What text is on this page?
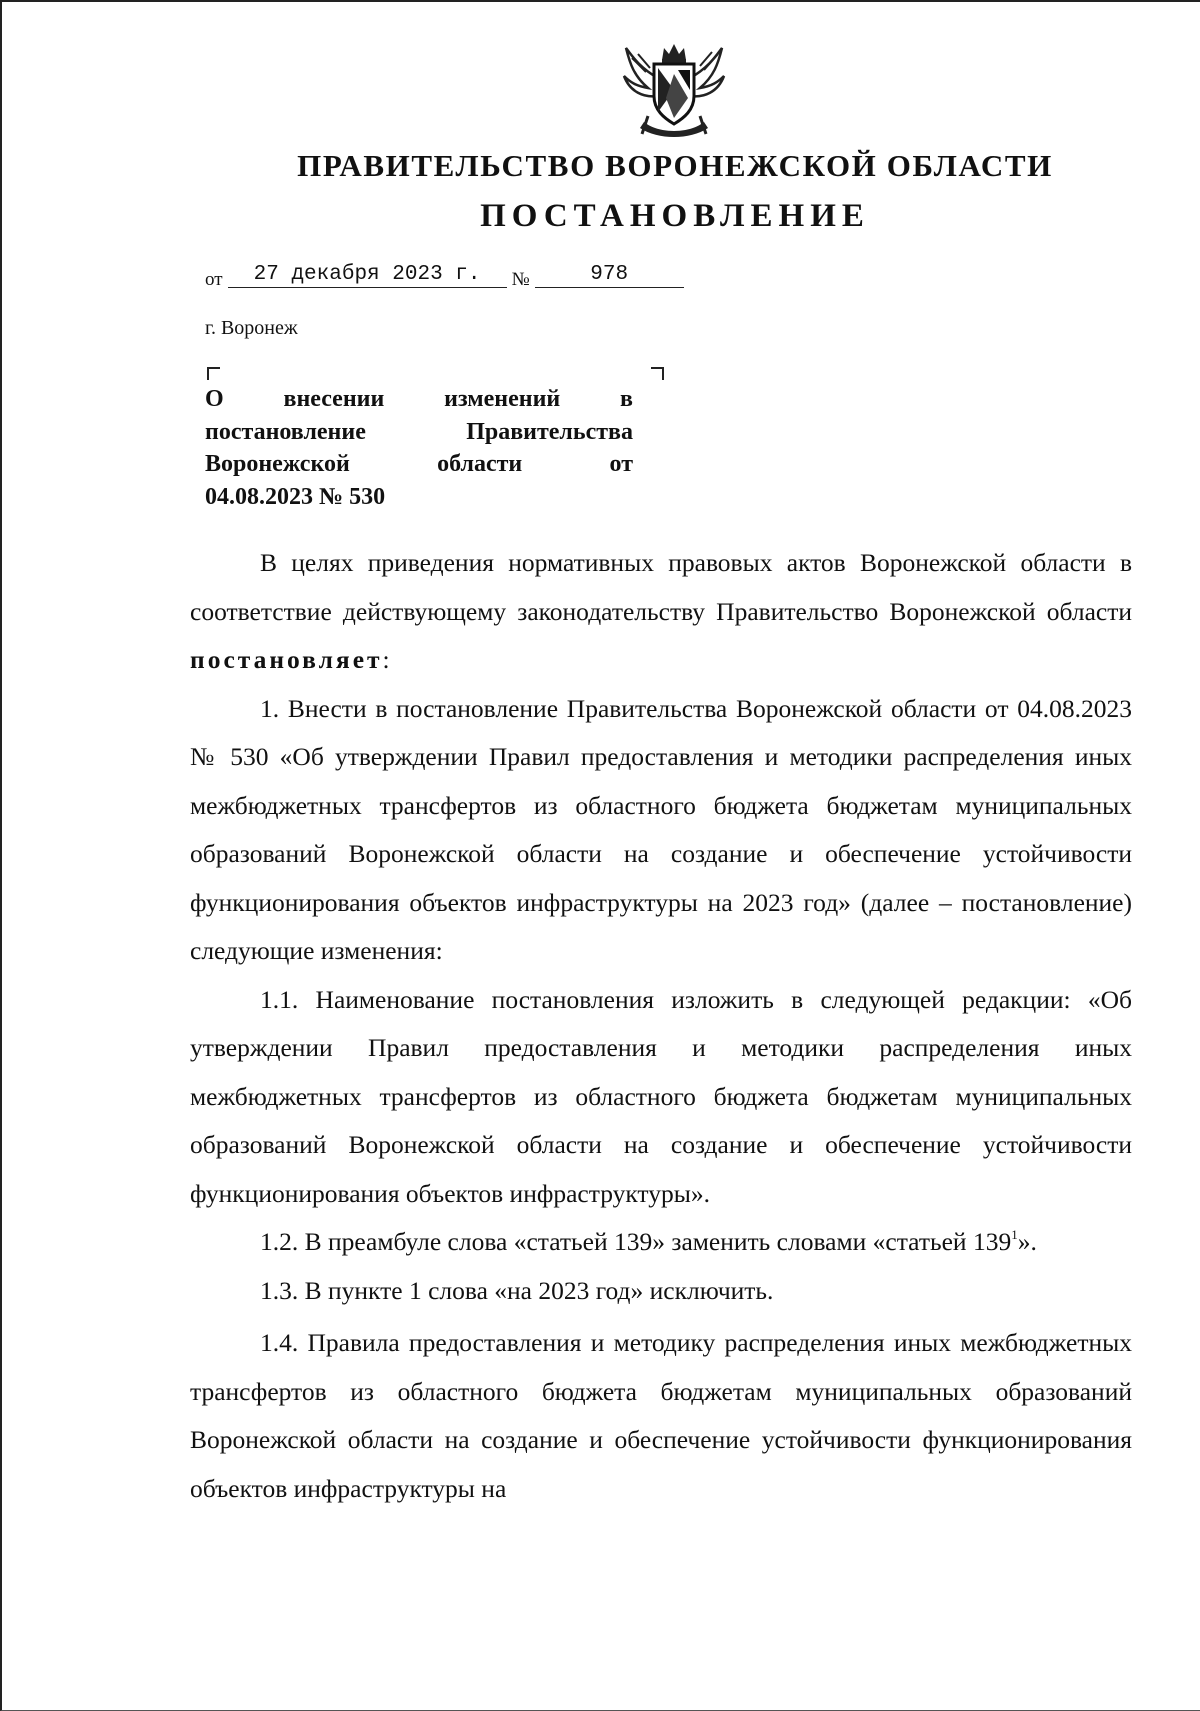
ПРАВИТЕЛЬСТВО ВОРОНЕЖСКОЙ ОБЛАСТИ
ПОСТАНОВЛЕНИЕ
от 27 декабря 2023 г. №	978
г. Воронеж
О внесении изменений в
постановление	Правительства
Воронежской	области	от
04.08.2023 № 530

В целях приведения нормативных правовых актов Воронежской области в соответствие действующему законодательству Правительство Воронежской области постановляет:

1. Внести в постановление Правительства Воронежской области от 04.08.2023 № 530 «Об утверждении Правил предоставления и методики распределения иных межбюджетных трансфертов из областного бюджета бюджетам муниципальных образований Воронежской области на создание и обеспечение устойчивости функционирования объектов инфраструктуры на 2023 год» (далее – постановление) следующие изменения:

1.1. Наименование постановления изложить в следующей редакции: «Об утверждении Правил предоставления и методики распределения иных межбюджетных трансфертов из областного бюджета бюджетам муниципальных образований Воронежской области на создание и обеспечение устойчивости функционирования объектов инфраструктуры».

1.2. В преамбуле слова «статьей 139» заменить словами «статьей $139^1$».

1.3. В пункте 1 слова «на 2023 год» исключить.

1.4. Правила предоставления и методику распределения иных межбюджетных трансфертов из областного бюджета бюджетам муниципальных образований Воронежской области на создание и обеспечение устойчивости функционирования объектов инфраструктуры на
